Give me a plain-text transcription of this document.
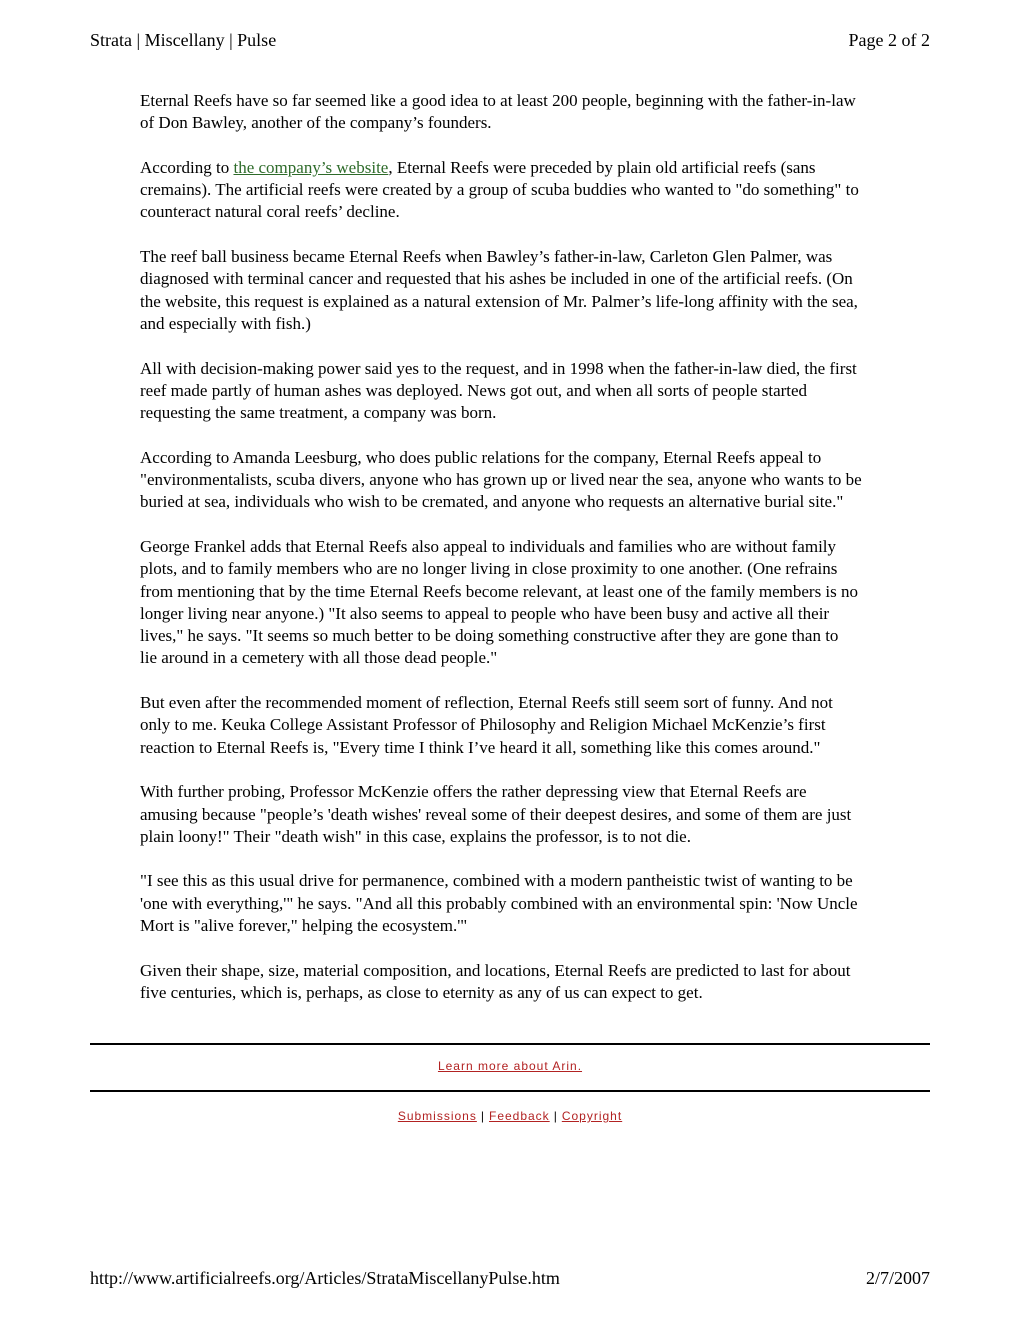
Strata | Miscellany | Pulse	Page 2 of 2

Eternal Reefs have so far seemed like a good idea to at least 200 people, beginning with the father-in-law

of Don Bawley, another of the company’s founders.

According to the company’s website, Eternal Reefs were preceded by plain old artificial reefs (sans

cremains). The artificial reefs were created by a group of scuba buddies who wanted to "do something" to

counteract natural coral reefs’ decline.

The reef ball business became Eternal Reefs when Bawley’s father-in-law, Carleton Glen Palmer, was

diagnosed with terminal cancer and requested that his ashes be included in one of the artificial reefs. (On

the website, this request is explained as a natural extension of Mr. Palmer’s life-long affinity with the sea,

and especially with fish.)

All with decision-making power said yes to the request, and in 1998 when the father-in-law died, the first

reef made partly of human ashes was deployed. News got out, and when all sorts of people started

requesting the same treatment, a company was born.

According to Amanda Leesburg, who does public relations for the company, Eternal Reefs appeal to

"environmentalists, scuba divers, anyone who has grown up or lived near the sea, anyone who wants to be

buried at sea, individuals who wish to be cremated, and anyone who requests an alternative burial site."

George Frankel adds that Eternal Reefs also appeal to individuals and families who are without family

plots, and to family members who are no longer living in close proximity to one another. (One refrains

from mentioning that by the time Eternal Reefs become relevant, at least one of the family members is no

longer living near anyone.) "It also seems to appeal to people who have been busy and active all their

lives," he says. "It seems so much better to be doing something constructive after they are gone than to

lie around in a cemetery with all those dead people."

But even after the recommended moment of reflection, Eternal Reefs still seem sort of funny. And not

only to me. Keuka College Assistant Professor of Philosophy and Religion Michael McKenzie’s first

reaction to Eternal Reefs is, "Every time I think I’ve heard it all, something like this comes around."

With further probing, Professor McKenzie offers the rather depressing view that Eternal Reefs are

amusing because "people’s 'death wishes' reveal some of their deepest desires, and some of them are just

plain loony!" Their "death wish" in this case, explains the professor, is to not die.

"I see this as this usual drive for permanence, combined with a modern pantheistic twist of wanting to be

'one with everything,'" he says. "And all this probably combined with an environmental spin: 'Now Uncle

Mort is "alive forever," helping the ecosystem.'"

Given their shape, size, material composition, and locations, Eternal Reefs are predicted to last for about

five centuries, which is, perhaps, as close to eternity as any of us can expect to get.

Learn more about Arin.
Submissions | Feedback | Copyright
http://www.artificialreefs.org/Articles/StrataMiscellanyPulse.htm	2/7/2007
